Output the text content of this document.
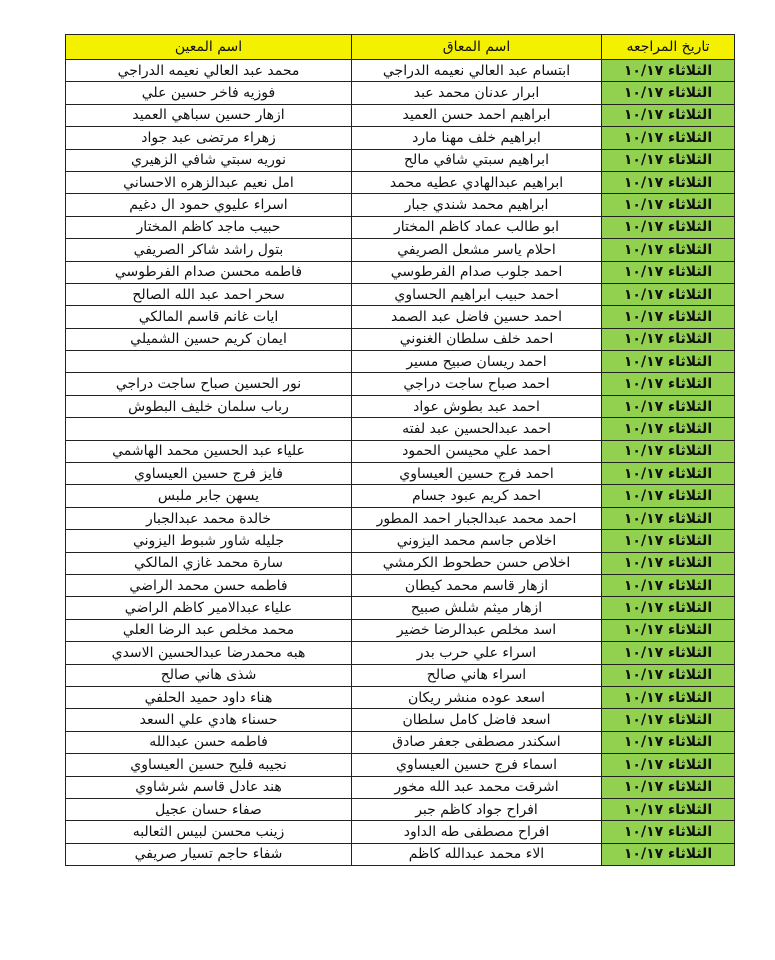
تاريخ المراجعه	اسم المعاق	اسم المعين
الثلاثاء ١٠/١٧	ابتسام عبد العالي نعيمه الدراجي	محمد عبد العالي نعيمه الدراجي
الثلاثاء ١٠/١٧	ابرار عدنان محمد عبد	فوزيه فاخر حسين علي
الثلاثاء ١٠/١٧	ابراهيم احمد حسن العميد	ازهار حسين سباهي العميد
الثلاثاء ١٠/١٧	ابراهيم خلف مهنا مارد	زهراء مرتضى عبد جواد
الثلاثاء ١٠/١٧	ابراهيم سبتي شافي مالح	نوريه سبتي شافي الزهيري
الثلاثاء ١٠/١٧	ابراهيم عبدالهادي عطيه محمد	امل نعيم عبدالزهره الاحساني
الثلاثاء ١٠/١٧	ابراهيم محمد شندي جبار	اسراء عليوي حمود ال دغيم
الثلاثاء ١٠/١٧	ابو طالب عماد كاظم المختار	حبيب ماجد كاظم المختار
الثلاثاء ١٠/١٧	احلام ياسر مشعل الصريفي	بتول راشد شاكر الصريفي
الثلاثاء ١٠/١٧	احمد جلوب صدام الفرطوسي	فاطمه محسن صدام الفرطوسي
الثلاثاء ١٠/١٧	احمد حبيب ابراهيم الحساوي	سحر احمد عبد الله الصالح
الثلاثاء ١٠/١٧	احمد حسين فاضل عبد الصمد	ايات غانم قاسم المالكي
الثلاثاء ١٠/١٧	احمد خلف سلطان الغنوني	ايمان كريم حسين الشميلي
الثلاثاء ١٠/١٧	احمد ريسان صبيح مسير	
الثلاثاء ١٠/١٧	احمد صباح ساجت دراجي	نور الحسين صباح ساجت دراجي
الثلاثاء ١٠/١٧	احمد عبد بطوش عواد	رباب سلمان خليف البطوش
الثلاثاء ١٠/١٧	احمد عبدالحسين عبد لفته	
الثلاثاء ١٠/١٧	احمد علي محيسن الحمود	علياء عبد الحسين محمد الهاشمي
الثلاثاء ١٠/١٧	احمد فرج حسين العيساوي	فايز فرج حسين العيساوي
الثلاثاء ١٠/١٧	احمد كريم عبود جسام	يسهن جابر ملبس
الثلاثاء ١٠/١٧	احمد محمد عبدالجبار احمد المطور	خالدة محمد عبدالجبار
الثلاثاء ١٠/١٧	اخلاص جاسم محمد اليزوني	جليله شاور شبوط اليزوني
الثلاثاء ١٠/١٧	اخلاص حسن حطحوط الكرمشي	سارة محمد غازي المالكي
الثلاثاء ١٠/١٧	ازهار قاسم محمد كيطان	فاطمه حسن محمد الراضي
الثلاثاء ١٠/١٧	ازهار ميثم شلش صبيح	علياء عبدالامير كاظم الراضي
الثلاثاء ١٠/١٧	اسد مخلص عبدالرضا خضير	محمد مخلص عبد الرضا العلي
الثلاثاء ١٠/١٧	اسراء علي حرب بدر	هبه محمدرضا عبدالحسين الاسدي
الثلاثاء ١٠/١٧	اسراء هاني صالح	شذى هاني صالح
الثلاثاء ١٠/١٧	اسعد عوده منشر ريكان	هناء داود حميد الحلفي
الثلاثاء ١٠/١٧	اسعد فاضل كامل سلطان	حسناء هادي علي السعد
الثلاثاء ١٠/١٧	اسكندر مصطفى جعفر صادق	فاطمه حسن عبدالله
الثلاثاء ١٠/١٧	اسماء فرج حسين العيساوي	نجيبه فليح حسين العيساوي
الثلاثاء ١٠/١٧	اشرقت محمد عبد الله مخور	هند عادل قاسم شرشاوي
الثلاثاء ١٠/١٧	افراح جواد كاظم جبر	صفاء حسان عجيل
الثلاثاء ١٠/١٧	افراح مصطفى طه الداود	زينب محسن لبيس الثعالبه
الثلاثاء ١٠/١٧	الاء محمد عبدالله كاظم	شفاء حاجم تسيار صريفي
